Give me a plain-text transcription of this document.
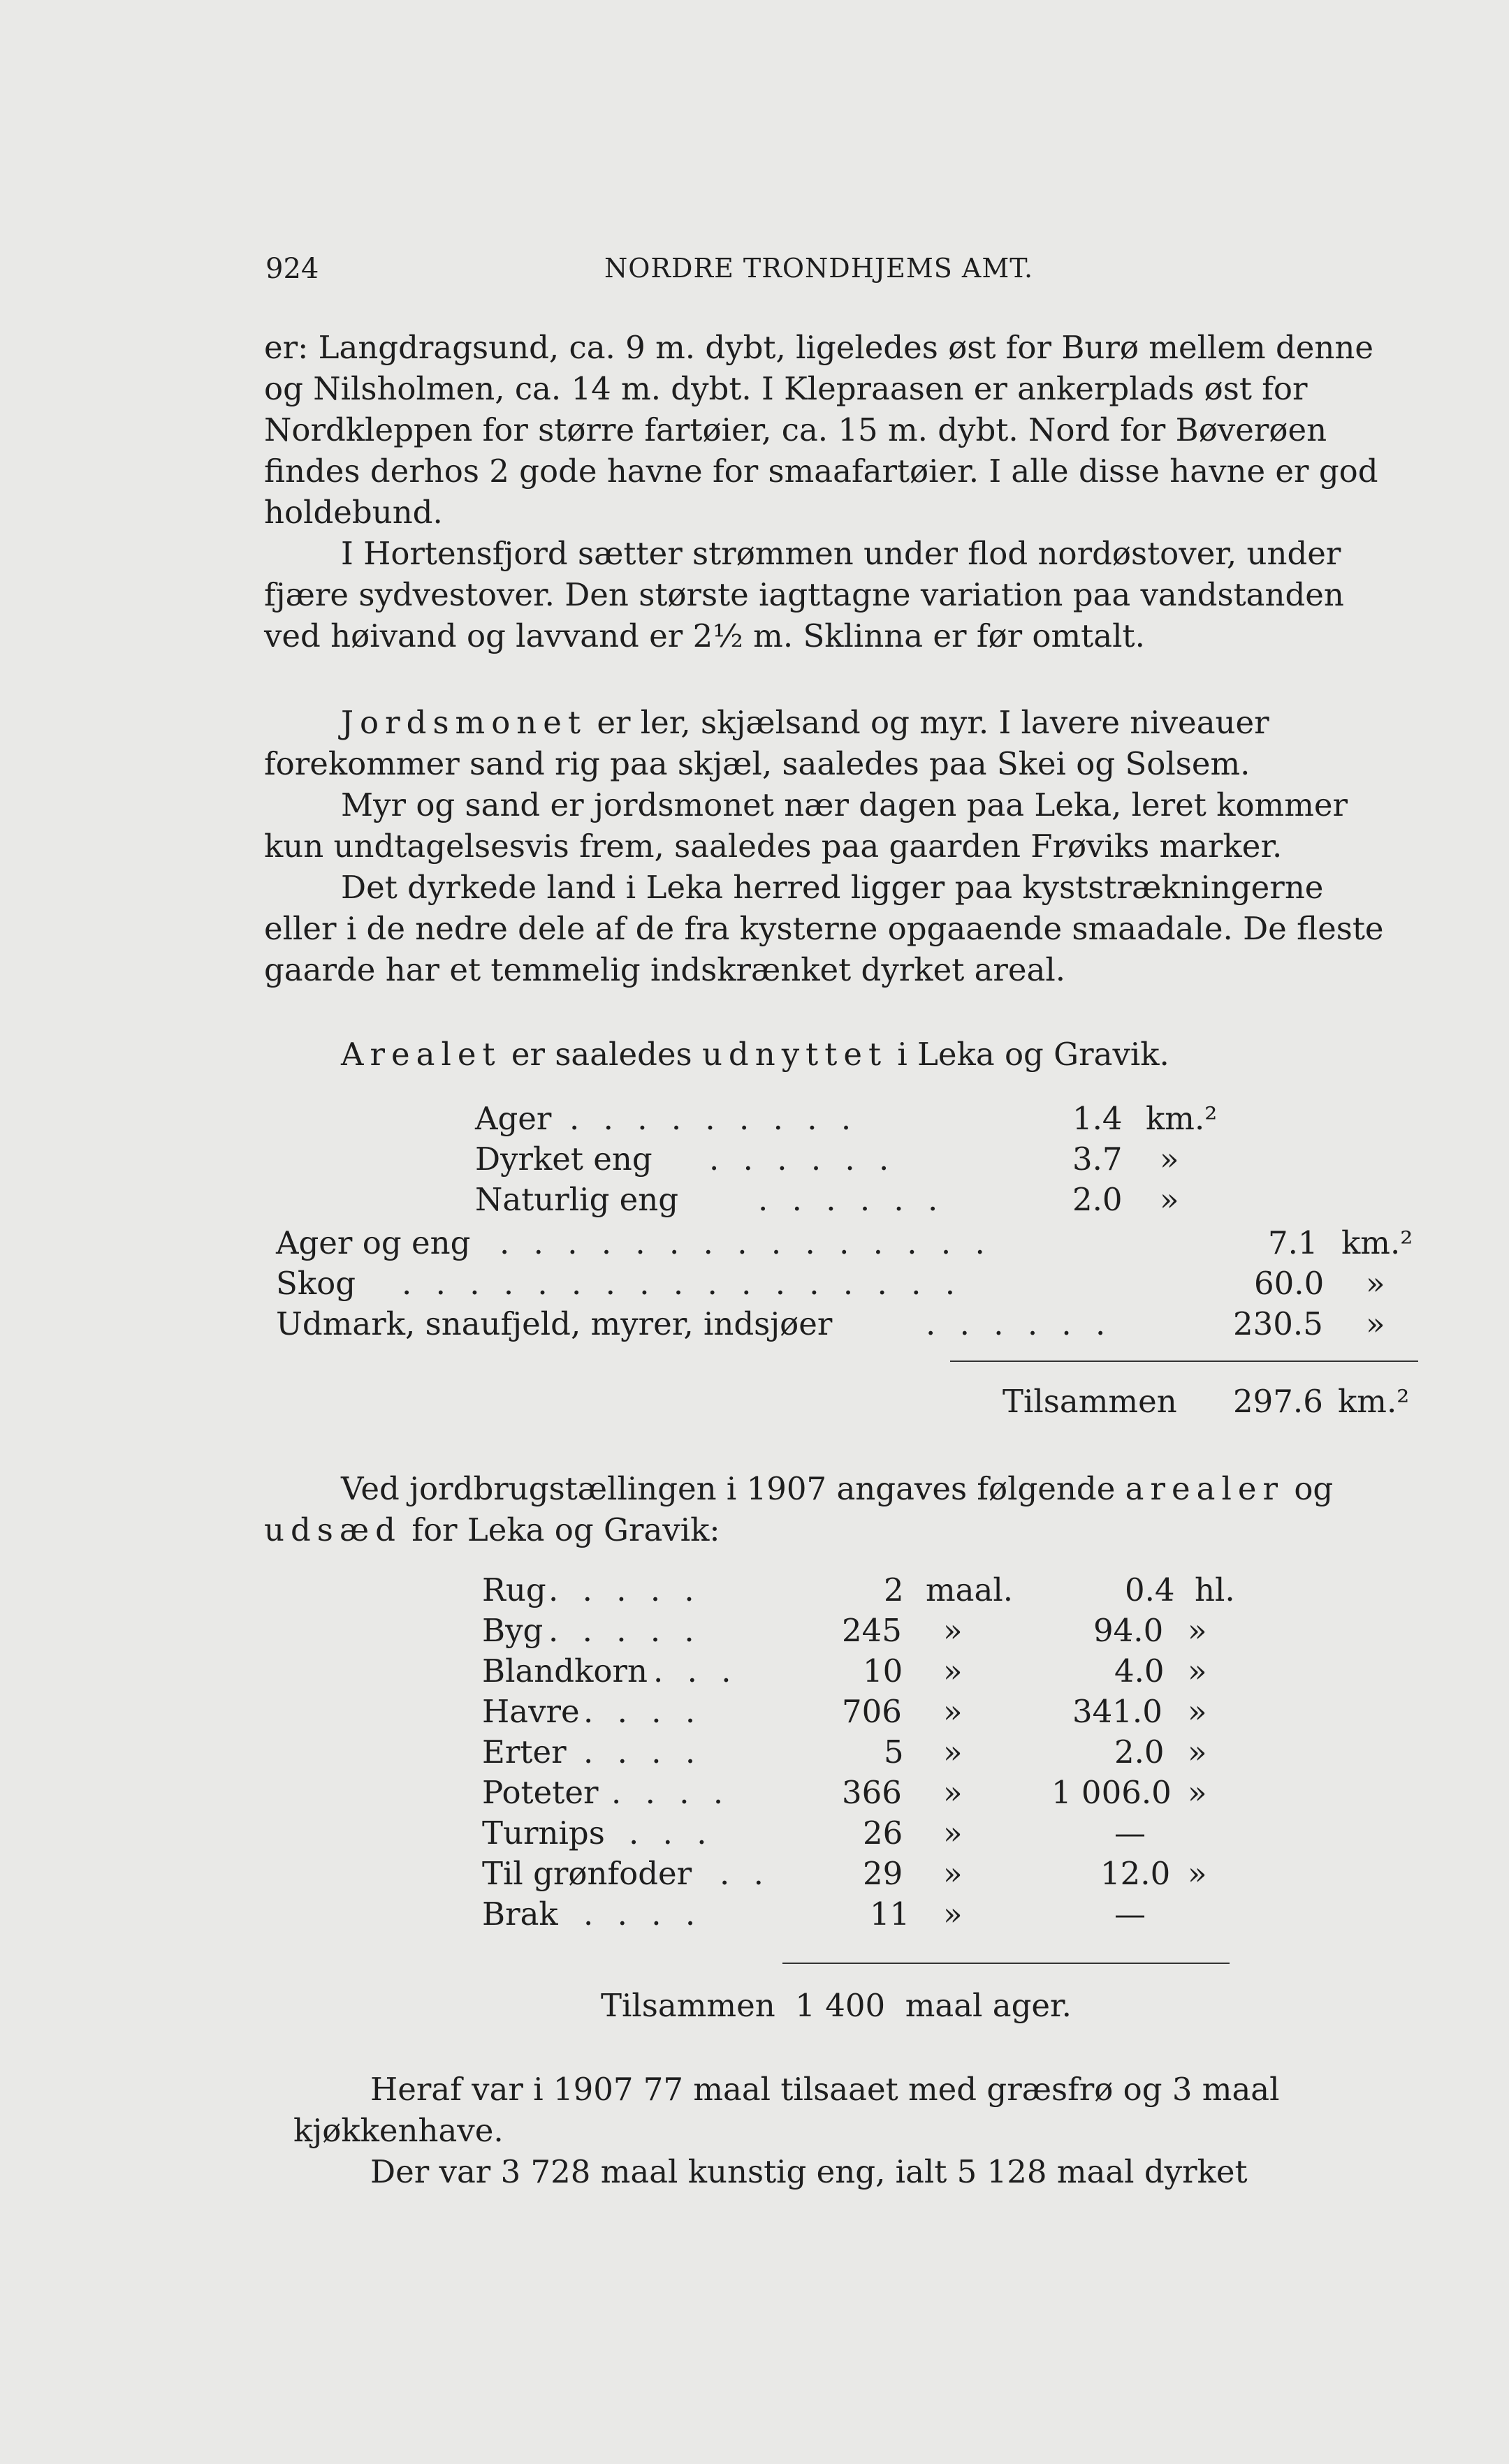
924	NORDRE TRONDHJEMS AMT.

er: Langdragsund, ca. 9 m. dybt, ligeledes øst for Burø mellem denne og Nilsholmen, ca. 14 m. dybt. I Klepraasen er ankerplads øst for Nordkleppen for større fartøier, ca. 15 m. dybt. Nord for Bøverøen findes derhos 2 gode havne for smaafartøier. I alle disse havne er god holdebund.

I Hortensfjord sætter strømmen under flod nordøstover, under fjære sydvestover. Den største iagttagne variation paa vandstanden ved høivand og lavvand er 2½ m. Sklinna er før omtalt.

Jordsmonet er ler, skjælsand og myr. I lavere niveauer forekommer sand rig paa skjæl, saaledes paa Skei og Solsem.

Myr og sand er jordsmonet nær dagen paa Leka, leret kommer kun undtagelsesvis frem, saaledes paa gaarden Frøviks marker.

Det dyrkede land i Leka herred ligger paa kyststrækningerne eller i de nedre dele af de fra kysterne opgaaende smaadale. De fleste gaarde har et temmelig indskrænket dyrket areal.

Arealet er saaledes udnyttet i Leka og Gravik.

Ager . . . . . . . . .	1.4 km.²
Dyrket eng . . . . . .	3.7 »
Naturlig eng	. . . . . .	2.0 »
Ager og eng . . . . . . . . . . . . . . .	7.1 km.²
Skog . . . . . . . . . . . . . . . . .	60.0 »
Udmark, snaufjeld, myrer, indsjøer	. . . . . .	230.5 »
Tilsammen 297.6 km.²

Ved jordbrugstællingen i 1907 angaves følgende arealer og udsæd for Leka og Gravik:

Rug . . . . .	2 maal.	0.4 hl.
Byg . . . . .	245 »	94.0 »
Blandkorn . . .	10 »	4.0 »
Havre . . . .	706 »	341.0 »
Erter . . . .	5 »	2.0 »
Poteter . . . .	366 »	1 006.0 »
Turnips . . .	26 »	—
Til grønfoder . .	29 »	12.0 »
Brak . . . .	11 »	—
Tilsammen  1 400  maal ager.

Heraf var i 1907 77 maal tilsaaet med græsfrø og 3 maal kjøkkenhave.

Der var 3 728 maal kunstig eng, ialt 5 128 maal dyrket
